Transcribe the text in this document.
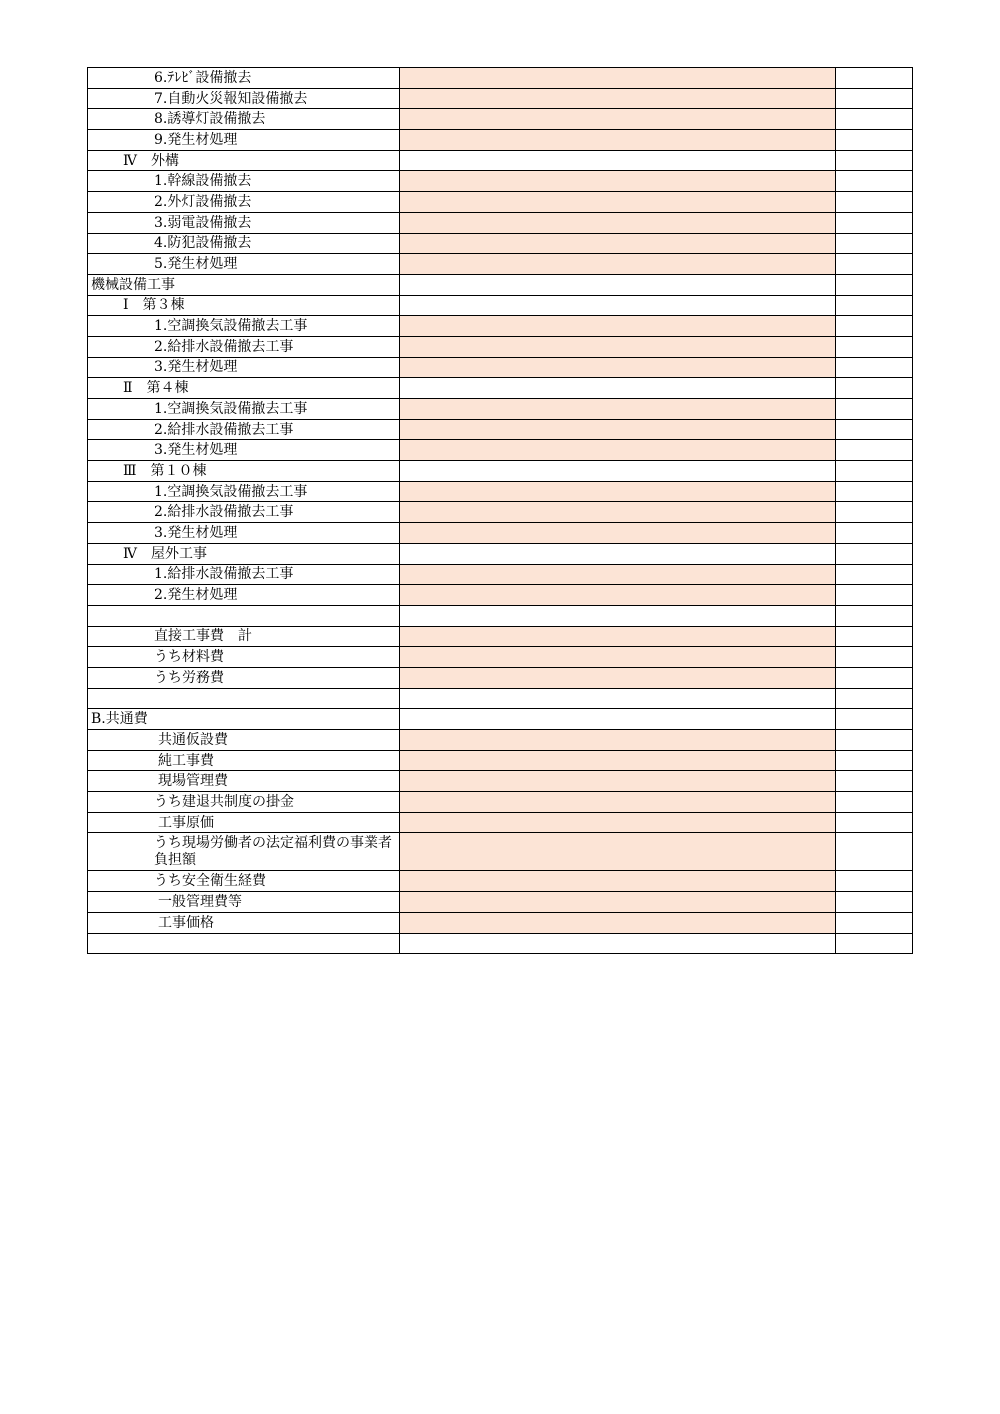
6.ﾃﾚﾋﾞ設備撤去		
7.自動火災報知設備撤去		
8.誘導灯設備撤去		
9.発生材処理		
Ⅳ　外構		
1.幹線設備撤去		
2.外灯設備撤去		
3.弱電設備撤去		
4.防犯設備撤去		
5.発生材処理		
機械設備工事		
Ⅰ　第３棟		
1.空調換気設備撤去工事		
2.給排水設備撤去工事		
3.発生材処理		
Ⅱ　第４棟		
1.空調換気設備撤去工事		
2.給排水設備撤去工事		
3.発生材処理		
Ⅲ　第１０棟		
1.空調換気設備撤去工事		
2.給排水設備撤去工事		
3.発生材処理		
Ⅳ　屋外工事		
1.給排水設備撤去工事		
2.発生材処理		

直接工事費　計		
うち材料費		
うち労務費		

B.共通費		
共通仮設費		
純工事費		
現場管理費		
うち建退共制度の掛金		
工事原価		
うち現場労働者の法定福利費の事業者負担額		
うち安全衛生経費		
一般管理費等		
工事価格		
